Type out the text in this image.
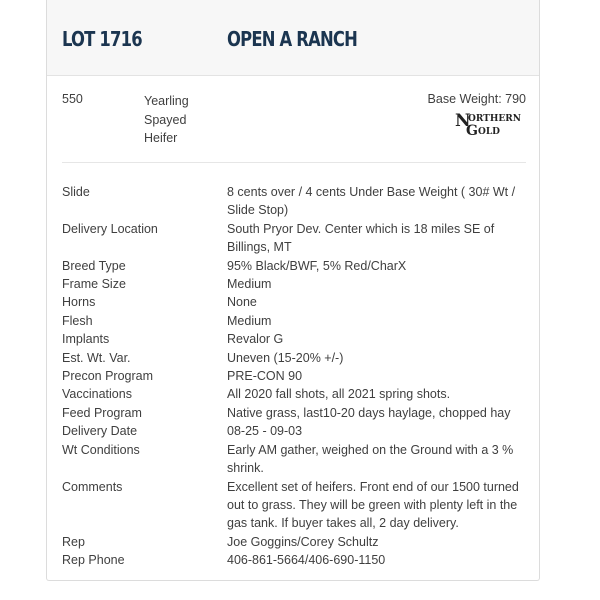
LOT 1716	OPEN A RANCH
550	Yearling
Spayed
Heifer
Base Weight: 790
N
ORTHERN
G OLD
Slide	8 cents over / 4 cents Under Base Weight ( 30# Wt / Slide Stop)
Delivery Location	South Pryor Dev. Center which is 18 miles SE of Billings, MT
Breed Type	95% Black/BWF, 5% Red/CharX
Frame Size	Medium
Horns	None
Flesh	Medium
Implants	Revalor G
Est. Wt. Var.	Uneven (15-20% +/-)
Precon Program	PRE-CON 90
Vaccinations	All 2020 fall shots, all 2021 spring shots.
Feed Program	Native grass, last10-20 days haylage, chopped hay
Delivery Date	08-25 - 09-03
Wt Conditions	Early AM gather, weighed on the Ground with a 3 % shrink.
Comments	Excellent set of heifers. Front end of our 1500 turned out to grass. They will be green with plenty left in the gas tank. If buyer takes all, 2 day delivery.
Rep	Joe Goggins/Corey Schultz
Rep Phone	406-861-5664/406-690-1150
